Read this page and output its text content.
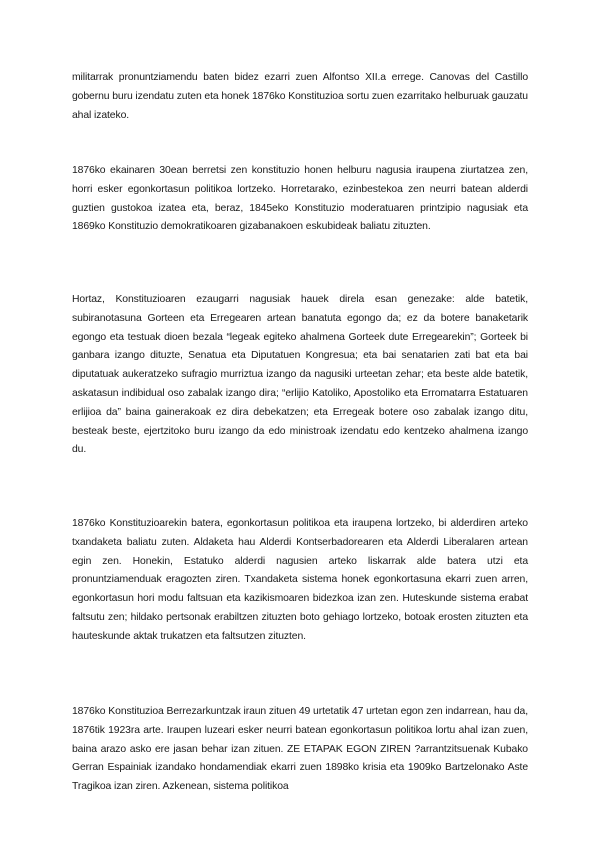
militarrak pronuntziamendu baten bidez ezarri zuen Alfontso XII.a errege. Canovas del Castillo gobernu buru izendatu zuten eta honek 1876ko Konstituzioa sortu zuen ezarritako helburuak gauzatu ahal izateko.

1876ko ekainaren 30ean berretsi zen konstituzio honen helburu nagusia iraupena ziurtatzea zen, horri esker egonkortasun politikoa lortzeko. Horretarako, ezinbestekoa zen neurri batean alderdi guztien gustokoa izatea eta, beraz, 1845eko Konstituzio moderatuaren printzipio nagusiak eta 1869ko Konstituzio demokratikoaren gizabanakoen eskubideak baliatu zituzten.

Hortaz, Konstituzioaren ezaugarri nagusiak hauek direla esan genezake: alde batetik, subiranotasuna Gorteen eta Erregearen artean banatuta egongo da; ez da botere banaketarik egongo eta testuak dioen bezala “legeak egiteko ahalmena Gorteek dute Erregearekin”; Gorteek bi ganbara izango dituzte, Senatua eta Diputatuen Kongresua; eta bai senatarien zati bat eta bai diputatuak aukeratzeko sufragio murriztua izango da nagusiki urteetan zehar; eta beste alde batetik, askatasun indibidual oso zabalak izango dira; “erlijio Katoliko, Apostoliko eta Erromatarra Estatuaren erlijioa da” baina gainerakoak ez dira debekatzen; eta Erregeak botere oso zabalak izango ditu, besteak beste, ejertzitoko buru izango da edo ministroak izendatu edo kentzeko ahalmena izango du.

1876ko Konstituzioarekin batera, egonkortasun politikoa eta iraupena lortzeko, bi alderdiren arteko txandaketa baliatu zuten. Aldaketa hau Alderdi Kontserbadorearen eta Alderdi Liberalaren artean egin zen. Honekin, Estatuko alderdi nagusien arteko liskarrak alde batera utzi eta pronuntziamenduak eragozten ziren. Txandaketa sistema honek egonkortasuna ekarri zuen arren, egonkortasun hori modu faltsuan eta kazikismoaren bidezkoa izan zen. Huteskunde sistema erabat faltsutu zen; hildako pertsonak erabiltzen zituzten boto gehiago lortzeko, botoak erosten zituzten eta hauteskunde aktak trukatzen eta faltsutzen zituzten.

1876ko Konstituzioa Berrezarkuntzak iraun zituen 49 urtetatik 47 urtetan egon zen indarrean, hau da, 1876tik 1923ra arte. Iraupen luzeari esker neurri batean egonkortasun politikoa lortu ahal izan zuen, baina arazo asko ere jasan behar izan zituen. ZE ETAPAK EGON ZIREN ?arrantzitsuenak Kubako Gerran Espainiak izandako hondamendiak ekarri zuen 1898ko krisia eta 1909ko Bartzelonako Aste Tragikoa izan ziren. Azkenean, sistema politikoa
